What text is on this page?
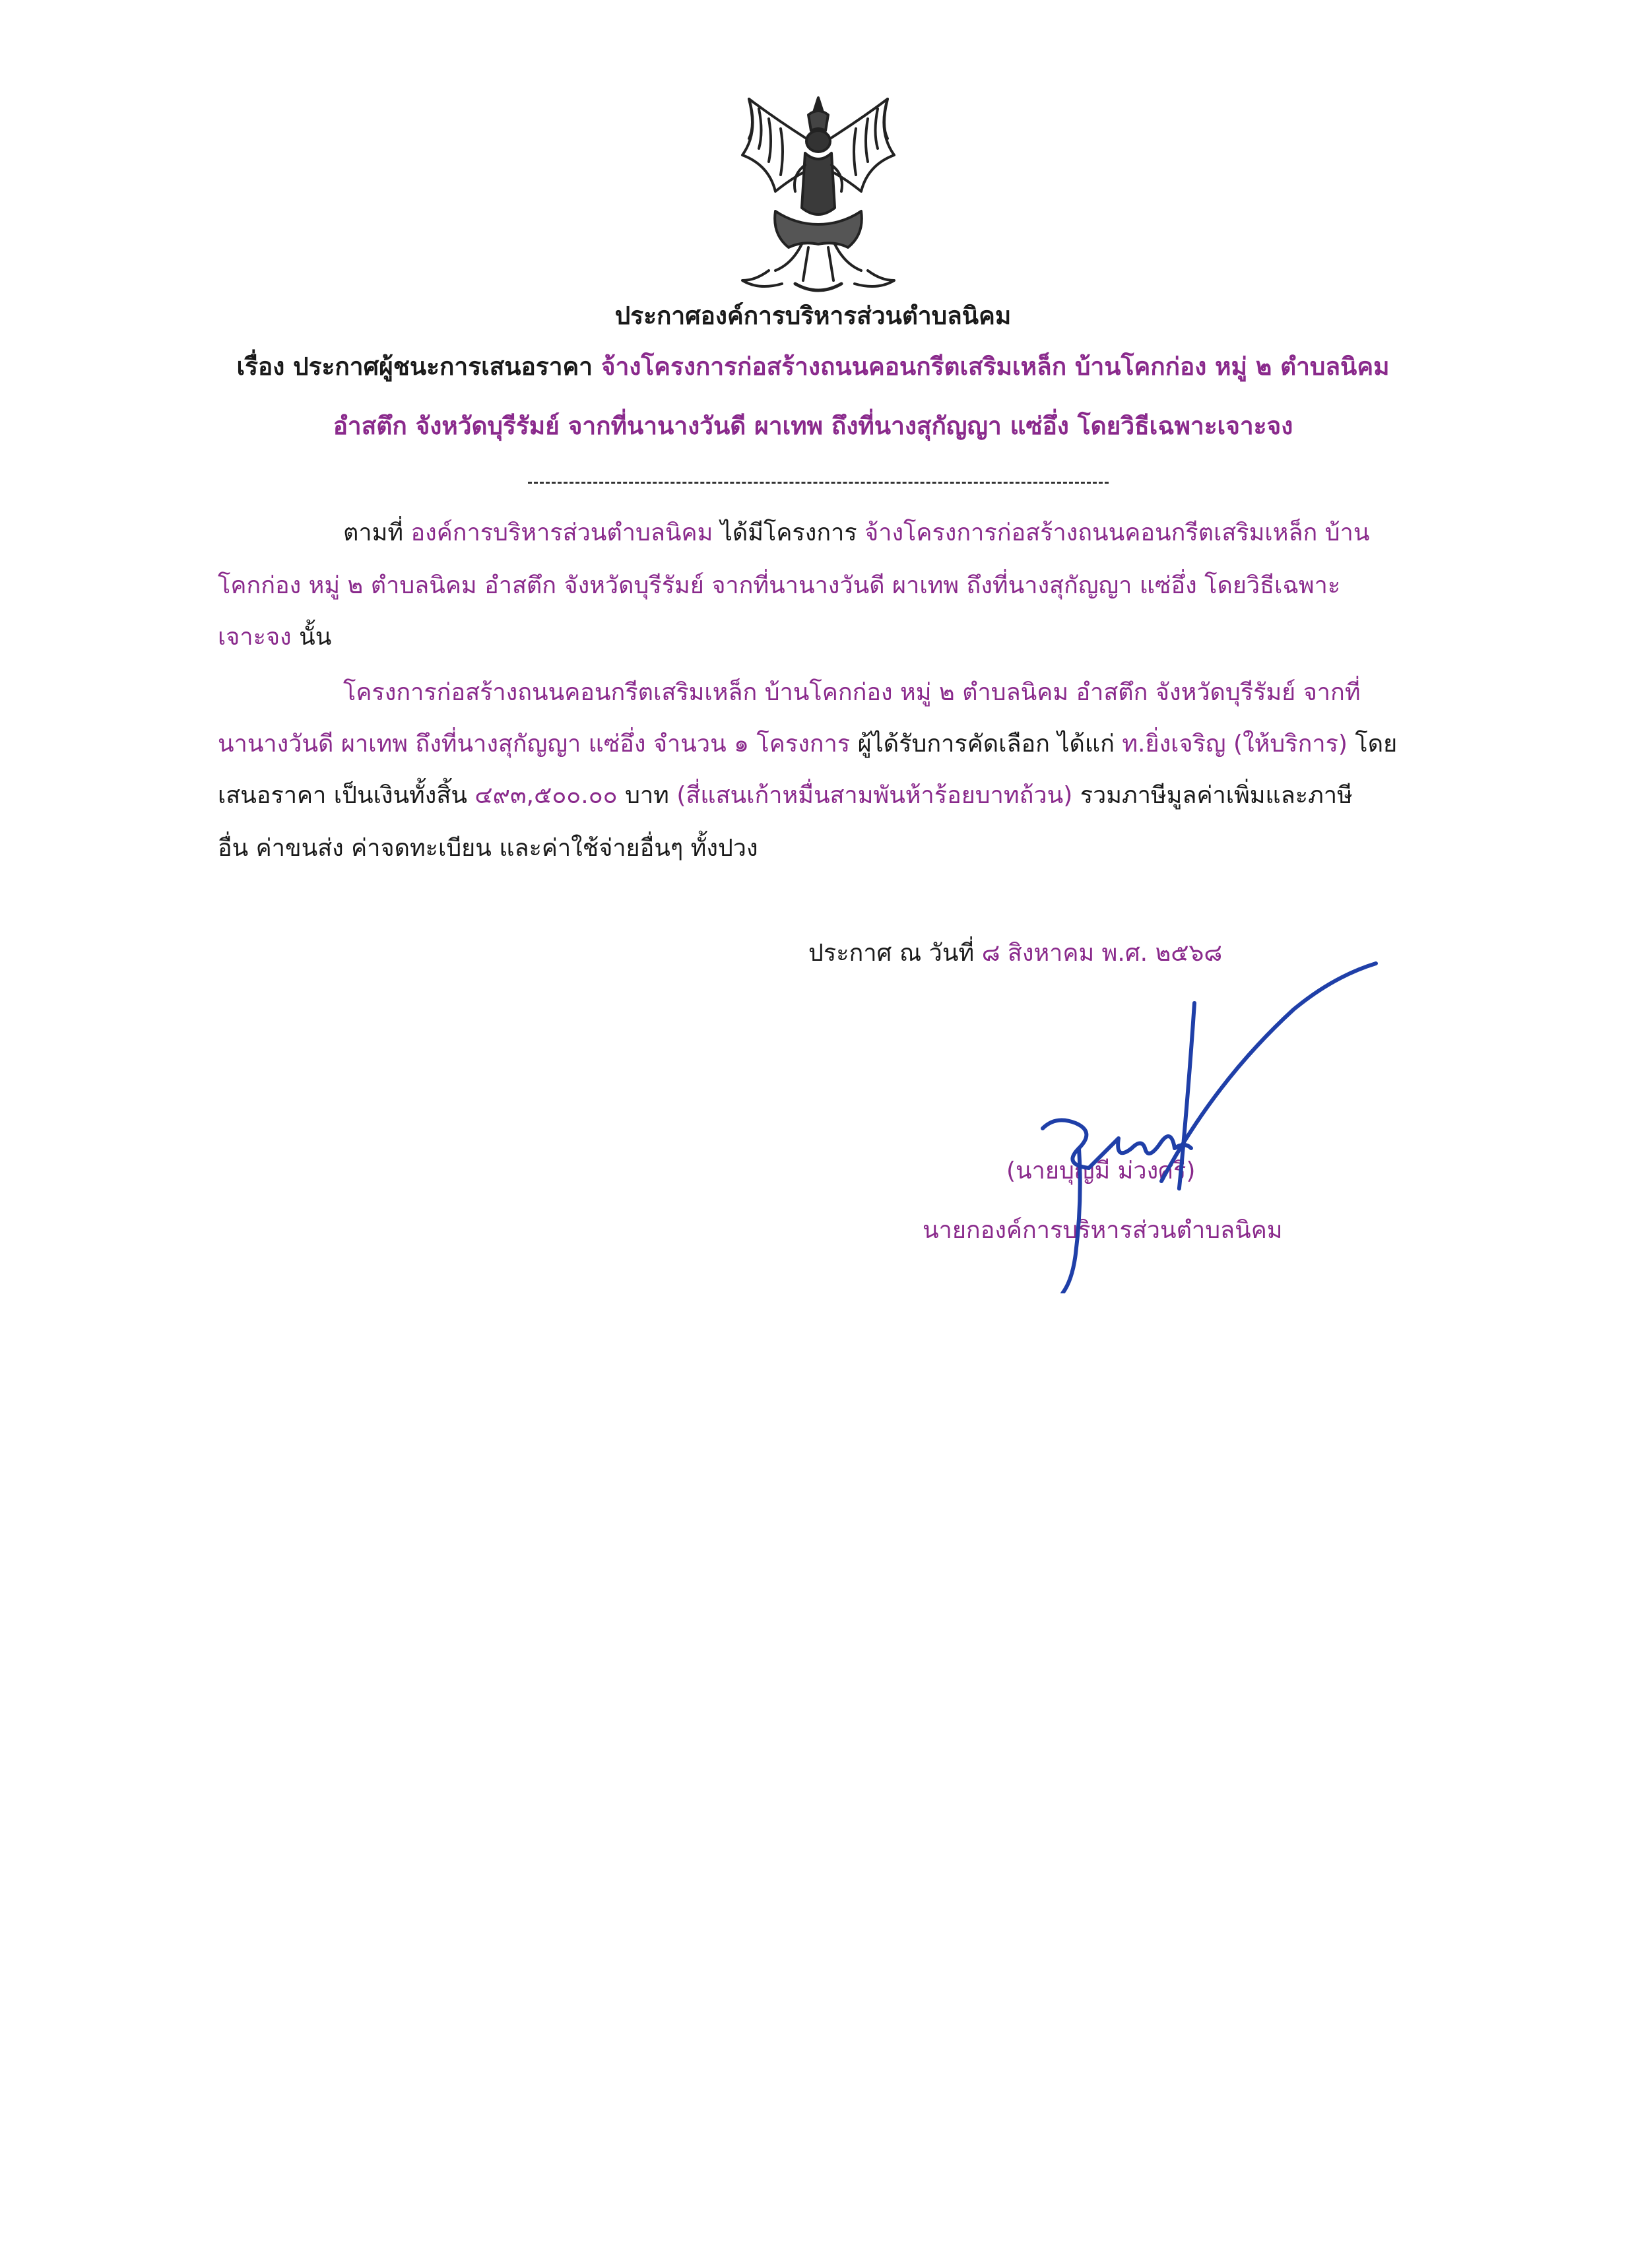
ประกาศองค์การบริหารส่วนตำบลนิคม
เรื่อง ประกาศผู้ชนะการเสนอราคา จ้างโครงการก่อสร้างถนนคอนกรีตเสริมเหล็ก บ้านโคกก่อง หมู่ ๒ ตำบลนิคม
อำสตึก จังหวัดบุรีรัมย์ จากที่นานางวันดี ผาเทพ ถึงที่นางสุกัญญา แซ่อึ่ง โดยวิธีเฉพาะเจาะจง
ตามที่ องค์การบริหารส่วนตำบลนิคม ได้มีโครงการ จ้างโครงการก่อสร้างถนนคอนกรีตเสริมเหล็ก บ้าน
โคกก่อง หมู่ ๒ ตำบลนิคม อำสตึก จังหวัดบุรีรัมย์ จากที่นานางวันดี ผาเทพ ถึงที่นางสุกัญญา แซ่อึ่ง โดยวิธีเฉพาะ
เจาะจง นั้น
โครงการก่อสร้างถนนคอนกรีตเสริมเหล็ก บ้านโคกก่อง หมู่ ๒ ตำบลนิคม อำสตึก จังหวัดบุรีรัมย์ จากที่
นานางวันดี ผาเทพ ถึงที่นางสุกัญญา แซ่อึ่ง จำนวน ๑ โครงการ ผู้ได้รับการคัดเลือก ได้แก่ ท.ยิ่งเจริญ (ให้บริการ) โดย
เสนอราคา เป็นเงินทั้งสิ้น ๔๙๓,๕๐๐.๐๐ บาท (สี่แสนเก้าหมื่นสามพันห้าร้อยบาทถ้วน) รวมภาษีมูลค่าเพิ่มและภาษี
อื่น ค่าขนส่ง ค่าจดทะเบียน และค่าใช้จ่ายอื่นๆ ทั้งปวง
ประกาศ ณ วันที่ ๘ สิงหาคม พ.ศ. ๒๕๖๘
(นายบุญมี ม่วงศรี)
นายกองค์การบริหารส่วนตำบลนิคม
